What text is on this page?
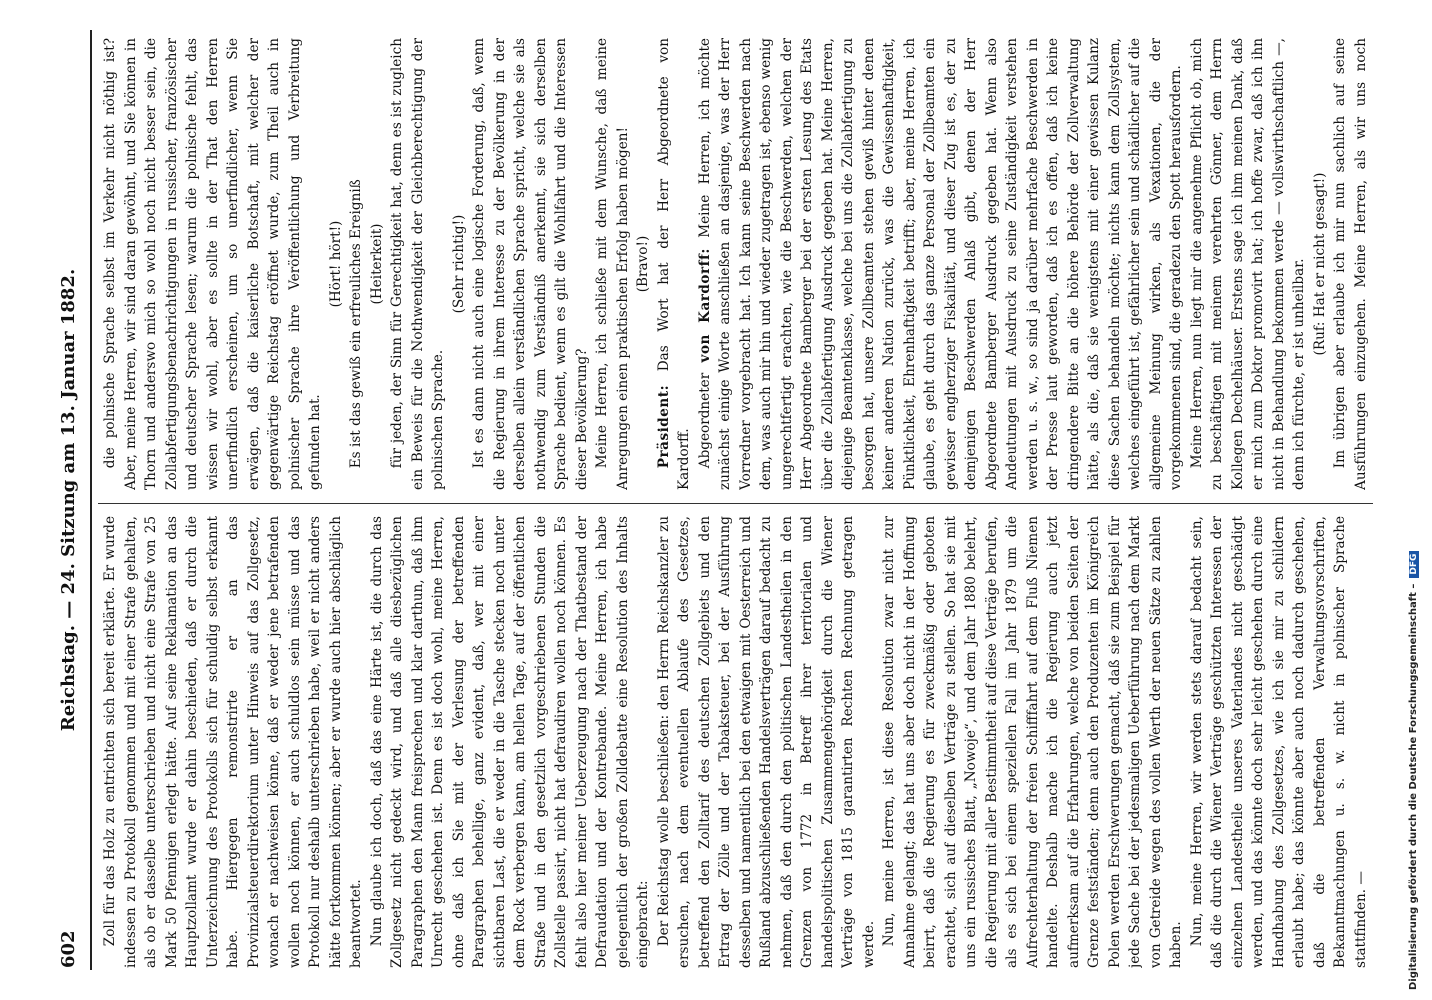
602
Reichstag. — 24. Sitzung am 13. Januar 1882. Zoll für das Holz zu entrichten sich bereit erklärte. Er wurde indessen zu Protokoll genommen und mit einer Strafe gehalten, als ob er dasselbe unterschrieben und nicht eine Strafe von 25 Mark 50 Pfennigen erlegt hätte. Auf seine Reklamation an das Hauptzollamt wurde er dahin beschieden, daß er durch die Unterzeichnung des Protokolls sich für schuldig selbst erkannt habe. Hiergegen remonstrirte er an das Provinzialsteuerdirektorium unter Hinweis auf das Zollgesetz, wonach er nachweisen könne, daß er weder jene betrafenden wollen noch können, er auch schuldlos sein müsse und das Protokoll nur deshalb unterschrieben habe, weil er nicht anders hätte fortkommen können; aber er wurde auch hier abschläglich beantwortet. Nun glaube ich doch, daß das eine Härte ist, die durch das Zollgesetz nicht gedeckt wird, und daß alle diesbezüglichen Paragraphen den Mann freisprechen und klar darthun, daß ihm Unrecht geschehen ist. Denn es ist doch wohl, meine Herren, ohne daß ich Sie mit der Verlesung der betreffenden Paragraphen behellige, ganz evident, daß, wer mit einer sichtbaren Last, die er weder in die Tasche stecken noch unter dem Rock verbergen kann, am hellen Tage, auf der öffentlichen Straße und in den gesetzlich vorgeschriebenen Stunden die Zollstelle passirt, nicht hat defraudiren wollen noch können. Es fehlt also hier meiner Ueberzeugung nach der Thatbestand der Defraudation und der Kontrebande. Meine Herren, ich habe gelegentlich der großen Zolldebatte eine Resolution des Inhalts eingebracht: Der Reichstag wolle beschließen: den Herrn Reichskanzler zu ersuchen, nach dem eventuellen Ablaufe des Gesetzes, betreffend den Zolltarif des deutschen Zollgebiets und den Ertrag der Zölle und der Tabaksteuer, bei der Ausführung desselben und namentlich bei den etwaigen mit Oesterreich und Rußland abzuschließenden Handelsverträgen darauf bedacht zu nehmen, daß den durch den politischen Landestheilen in den Grenzen von 1772 in Betreff ihrer territorialen und handelspolitischen Zusammengehörigkeit durch die Wiener Verträge von 1815 garantirten Rechten Rechnung getragen werde. Nun, meine Herren, ist diese Resolution zwar nicht zur Annahme gelangt; das hat uns aber doch nicht in der Hoffnung beirrt, daß die Regierung es für zweckmäßig oder geboten erachtet, sich auf dieselben Verträge zu stellen. So hat sie mit uns ein russisches Blatt, „Nowoje“, und dem Jahr 1880 belehrt, die Regierung mit aller Bestimmtheit auf diese Verträge berufen, als es sich bei einem speziellen Fall im Jahr 1879 um die Aufrechterhaltung der freien Schifffahrt auf dem Fluß Niemen handelte. Deshalb mache ich die Regierung auch jetzt aufmerksam auf die Erfahrungen, welche von beiden Seiten der Grenze festständen; denn auch den Produzenten im Königreich Polen werden Erschwerungen gemacht, daß sie zum Beispiel für jede Sache bei der jedesmaligen Ueberführung nach dem Markt von Getreide wegen des vollen Werth der neuen Sätze zu zahlen haben. Nun, meine Herren, wir werden stets darauf bedacht sein, daß die durch die Wiener Verträge geschützten Interessen der einzelnen Landestheile unseres Vaterlandes nicht geschädigt werden, und das könnte doch sehr leicht geschehen durch eine Handhabung des Zollgesetzes, wie ich sie mir zu schildern erlaubt habe; das könnte aber auch noch dadurch geschehen, daß die betreffenden Verwaltungsvorschriften, Bekanntmachungen u. s. w. nicht in polnischer Sprache stattfinden. —

die polnische Sprache selbst im Verkehr nicht nöthig ist? Aber, meine Herren, wir sind daran gewöhnt, und Sie können in Thorn und anderswo mich so wohl noch nicht besser sein, die Zollabfertigungsbenachrichtigungen in russischer, französischer und deutscher Sprache lesen; warum die polnische fehlt, das wissen wir wohl, aber es sollte in der That den Herren unerfindlich erscheinen, um so unerfindlicher, wenn Sie erwägen, daß die kaiserliche Botschaft, mit welcher der gegenwärtige Reichstag eröffnet wurde, zum Theil auch in polnischer Sprache ihre Veröffentlichung und Verbreitung gefunden hat.

(Hört! hört!) Es ist das gewiß ein erfreuliches Ereigniß (Heiterkeit) für jeden, der Sinn für Gerechtigkeit hat, denn es ist zugleich ein Beweis für die Nothwendigkeit der Gleichberechtigung der polnischen Sprache.

(Sehr richtig!) Ist es dann nicht auch eine logische Forderung, daß, wenn die Regierung in ihrem Interesse zu der Bevölkerung in der derselben allein verständlichen Sprache spricht, welche sie als nothwendig zum Verständniß anerkennt, sie sich derselben Sprache bedient, wenn es gilt die Wohlfahrt und die Interessen dieser Bevölkerung? Meine Herren, ich schließe mit dem Wunsche, daß meine Anregungen einen praktischen Erfolg haben mögen! (Bravo!)

Präsident: Das Wort hat der Herr Abgeordnete von Kardorff. Abgeordneter von Kardorff: Meine Herren, ich möchte zunächst einige Worte anschließen an dasjenige, was der Herr Vorredner vorgebracht hat. Ich kann seine Beschwerden nach dem, was auch mir hin und wieder zugetragen ist, ebenso wenig ungerechtfertigt erachten, wie die Beschwerden, welchen der Herr Abgeordnete Bamberger bei der ersten Lesung des Etats über die Zollabfertigung Ausdruck gegeben hat. Meine Herren, diejenige Beamtenklasse, welche bei uns die Zollabfertigung zu besorgen hat, unsere Zollbeamten stehen gewiß hinter denen keiner anderen Nation zurück, was die Gewissenhaftigkeit, Pünktlichkeit, Ehrenhaftigkeit betrifft; aber, meine Herren, ich glaube, es geht durch das ganze Personal der Zollbeamten ein gewisser engherziger Fiskalität, und dieser Zug ist es, der zu demjenigen Beschwerden Anlaß gibt, denen der Herr Abgeordnete Bamberger Ausdruck gegeben hat. Wenn also Andeutungen mit Ausdruck zu seine Zuständigkeit verstehen werden u. s. w., so sind ja darüber mehrfache Beschwerden in der Presse laut geworden, daß ich es offen, daß ich keine dringendere Bitte an die höhere Behörde der Zollverwaltung hätte, als die, daß sie wenigstens mit einer gewissen Kulanz diese Sachen behandeln möchte; nichts kann dem Zollsystem, welches eingeführt ist, gefährlicher sein und schädlicher auf die allgemeine Meinung wirken, als Vexationen, die der vorgekommenen sind, die geradezu den Spott herausfordern. Meine Herren, nun liegt mir die angenehme Pflicht ob, mich zu beschäftigen mit meinem verehrten Gönner, dem Herrn Kollegen Dechelhäuser. Erstens sage ich ihm meinen Dank, daß er mich zum Doktor promovirt hat; ich hoffe zwar, daß ich ihn nicht in Behandlung bekommen werde — vollswirthschaftlich —, denn ich fürchte, er ist unheilbar. (Ruf: Hat er nicht gesagt!)

Im übrigen aber erlaube ich mir nun sachlich auf seine Ausführungen einzugehen. Meine Herren, als wir uns noch

Digitalisierung gefördert durch die Deutsche Forschungsgemeinschaft –DFG
